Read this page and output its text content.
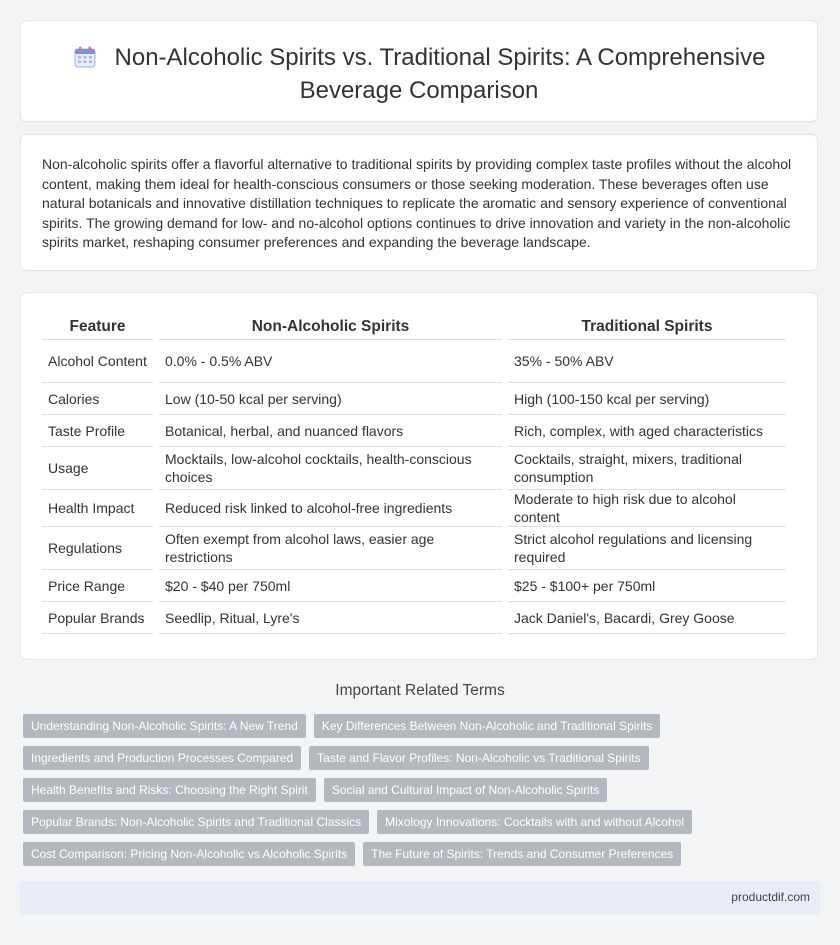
Non-Alcoholic Spirits vs. Traditional Spirits: A Comprehensive Beverage Comparison

Non-alcoholic spirits offer a flavorful alternative to traditional spirits by providing complex taste profiles without the alcohol content, making them ideal for health-conscious consumers or those seeking moderation. These beverages often use natural botanicals and innovative distillation techniques to replicate the aromatic and sensory experience of conventional spirits. The growing demand for low- and no-alcohol options continues to drive innovation and variety in the non-alcoholic spirits market, reshaping consumer preferences and expanding the beverage landscape.

Feature	Non-Alcoholic Spirits	Traditional Spirits
Alcohol Content	0.0% - 0.5% ABV	35% - 50% ABV
Calories	Low (10-50 kcal per serving)	High (100-150 kcal per serving)
Taste Profile	Botanical, herbal, and nuanced flavors	Rich, complex, with aged characteristics
Usage	Mocktails, low-alcohol cocktails, health-conscious choices	Cocktails, straight, mixers, traditional consumption
Health Impact	Reduced risk linked to alcohol-free ingredients	Moderate to high risk due to alcohol content
Regulations	Often exempt from alcohol laws, easier age restrictions	Strict alcohol regulations and licensing required
Price Range	$20 - $40 per 750ml	$25 - $100+ per 750ml
Popular Brands	Seedlip, Ritual, Lyre's	Jack Daniel's, Bacardi, Grey Goose
Important Related Terms
Understanding Non-Alcoholic Spirits: A New Trend	Key Differences Between Non-Alcoholic and Traditional Spirits
Ingredients and Production Processes Compared	Taste and Flavor Profiles: Non-Alcoholic vs Traditional Spirits
Health Benefits and Risks: Choosing the Right Spirit	Social and Cultural Impact of Non-Alcoholic Spirits
Popular Brands: Non-Alcoholic Spirits and Traditional Classics	Mixology Innovations: Cocktails with and without Alcohol
Cost Comparison: Pricing Non-Alcoholic vs Alcoholic Spirits	The Future of Spirits: Trends and Consumer Preferences
productdif.com
